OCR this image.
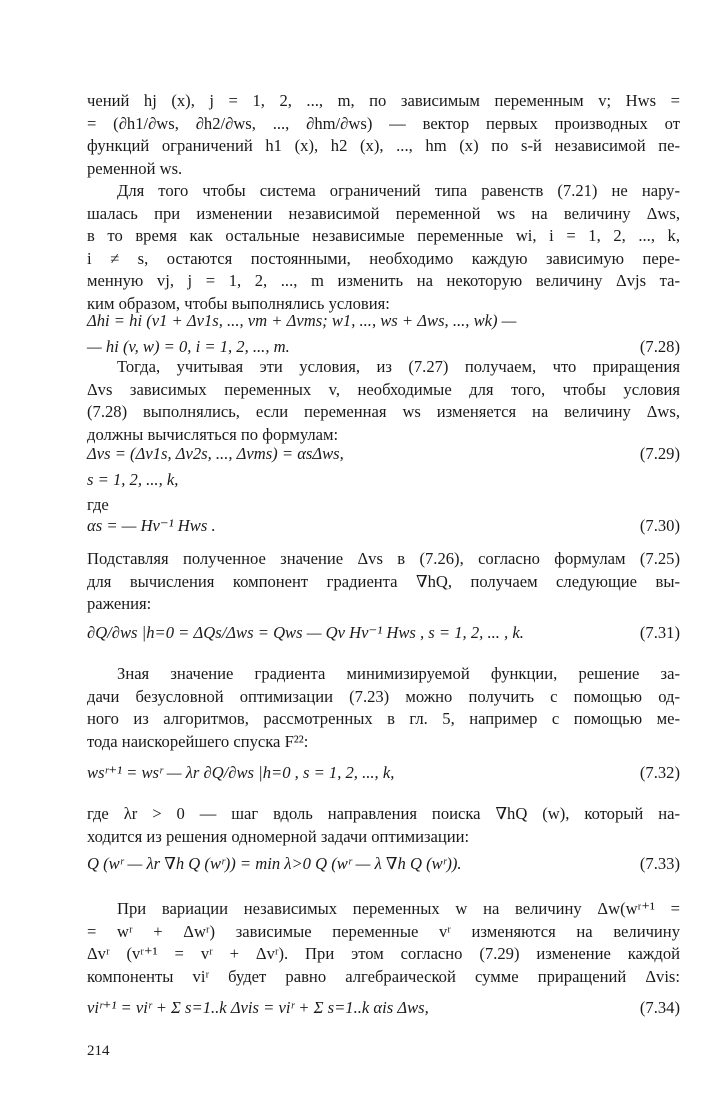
чений hj (x), j = 1, 2, ..., m, по зависимым переменным v; Hws =
= (∂h1/∂ws, ∂h2/∂ws, ..., ∂hm/∂ws) — вектор первых производных от
функций ограничений h1 (x), h2 (x), ..., hm (x) по s-й независимой пе-
ременной ws.
Для того чтобы система ограничений типа равенств (7.21) не нару-
шалась при изменении независимой переменной ws на величину Δws,
в то время как остальные независимые переменные wi, i = 1, 2, ..., k,
i ≠ s, остаются постоянными, необходимо каждую зависимую пере-
менную vj, j = 1, 2, ..., m изменить на некоторую величину Δvjs та-
ким образом, чтобы выполнялись условия:
Δhi = hi (v1 + Δv1s, ..., vm + Δvms; w1, ..., ws + Δws, ..., wk) —
— hi (v, w) = 0, i = 1, 2, ..., m.	(7.28)
Тогда, учитывая эти условия, из (7.27) получаем, что приращения
Δvs зависимых переменных v, необходимые для того, чтобы условия
(7.28) выполнялись, если переменная ws изменяется на величину Δws,
должны вычисляться по формулам:
Δvs = (Δv1s, Δv2s, ..., Δvms) = αsΔws,	(7.29)
s = 1, 2, ..., k,
где
αs = — Hv⁻¹ Hws .	(7.30)
Подставляя полученное значение Δvs в (7.26), согласно формулам (7.25)
для вычисления компонент градиента ∇hQ, получаем следующие вы-
ражения:
∂Q/∂ws |h=0 = ΔQs/Δws = Qws — Qv Hv⁻¹ Hws , s = 1, 2, ... , k.	(7.31)
Зная значение градиента минимизируемой функции, решение за-
дачи безусловной оптимизации (7.23) можно получить с помощью од-
ного из алгоритмов, рассмотренных в гл. 5, например с помощью ме-
тода наискорейшего спуска F²²:
wsʳ⁺¹ = wsʳ — λr ∂Q/∂ws |h=0 , s = 1, 2, ..., k,	(7.32)
где λr > 0 — шаг вдоль направления поиска ∇hQ (w), который на-
ходится из решения одномерной задачи оптимизации:
Q (wʳ — λr ∇h Q (wʳ)) = min λ>0 Q (wʳ — λ ∇h Q (wʳ)).	(7.33)
При вариации независимых переменных w на величину Δw(wʳ⁺¹ =
= wʳ + Δwʳ) зависимые переменные vʳ изменяются на величину
Δvʳ (vʳ⁺¹ = vʳ + Δvʳ). При этом согласно (7.29) изменение каждой
компоненты viʳ будет равно алгебраической сумме приращений Δvis:
viʳ⁺¹ = viʳ + Σ s=1..k Δvis = viʳ + Σ s=1..k αis Δws,	(7.34)
214
